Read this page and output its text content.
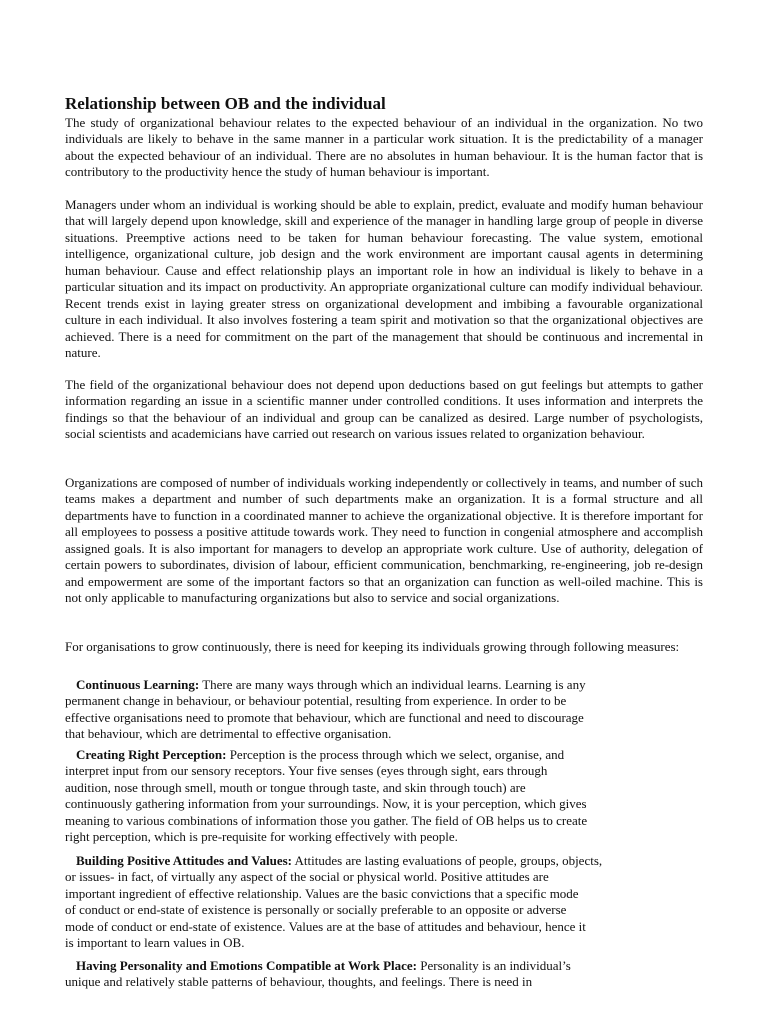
Relationship between OB and the individual

The study of organizational behaviour relates to the expected behaviour of an individual in the organization. No two individuals are likely to behave in the same manner in a particular work situation. It is the predictability of a manager about the expected behaviour of an individual. There are no absolutes in human behaviour. It is the human factor that is contributory to the productivity hence the study of human behaviour is important.

Managers under whom an individual is working should be able to explain, predict, evaluate and modify human behaviour that will largely depend upon knowledge, skill and experience of the manager in handling large group of people in diverse situations. Preemptive actions need to be taken for human behaviour forecasting. The value system, emotional intelligence, organizational culture, job design and the work environment are important causal agents in determining human behaviour. Cause and effect relationship plays an important role in how an individual is likely to behave in a particular situation and its impact on productivity. An appropriate organizational culture can modify individual behaviour. Recent trends exist in laying greater stress on organizational development and imbibing a favourable organizational culture in each individual. It also involves fostering a team spirit and motivation so that the organizational objectives are achieved. There is a need for commitment on the part of the management that should be continuous and incremental in nature.

The field of the organizational behaviour does not depend upon deductions based on gut feelings but attempts to gather information regarding an issue in a scientific manner under controlled conditions. It uses information and interprets the findings so that the behaviour of an individual and group can be canalized as desired. Large number of psychologists, social scientists and academicians have carried out research on various issues related to organization behaviour.

Organizations are composed of number of individuals working independently or collectively in teams, and number of such teams makes a department and number of such departments make an organization. It is a formal structure and all departments have to function in a coordinated manner to achieve the organizational objective. It is therefore important for all employees to possess a positive attitude towards work. They need to function in congenial atmosphere and accomplish assigned goals. It is also important for managers to develop an appropriate work culture. Use of authority, delegation of certain powers to subordinates, division of labour, efficient communication, benchmarking, re-engineering, job re-design and empowerment are some of the important factors so that an organization can function as well-oiled machine. This is not only applicable to manufacturing organizations but also to service and social organizations.

For organisations to grow continuously, there is need for keeping its individuals growing through following measures:

Continuous Learning: There are many ways through which an individual learns. Learning is any
permanent change in behaviour, or behaviour potential, resulting from experience. In order to be
effective organisations need to promote that behaviour, which are functional and need to discourage
that behaviour, which are detrimental to effective organisation.
Creating Right Perception: Perception is the process through which we select, organise, and
interpret input from our sensory receptors. Your five senses (eyes through sight, ears through
audition, nose through smell, mouth or tongue through taste, and skin through touch) are
continuously gathering information from your surroundings. Now, it is your perception, which gives
meaning to various combinations of information those you gather. The field of OB helps us to create
right perception, which is pre-requisite for working effectively with people.
Building Positive Attitudes and Values: Attitudes are lasting evaluations of people, groups, objects,
or issues- in fact, of virtually any aspect of the social or physical world. Positive attitudes are
important ingredient of effective relationship. Values are the basic convictions that a specific mode
of conduct or end-state of existence is personally or socially preferable to an opposite or adverse
mode of conduct or end-state of existence. Values are at the base of attitudes and behaviour, hence it
is important to learn values in OB.
Having Personality and Emotions Compatible at Work Place: Personality is an individual’s
unique and relatively stable patterns of behaviour, thoughts, and feelings. There is need in
